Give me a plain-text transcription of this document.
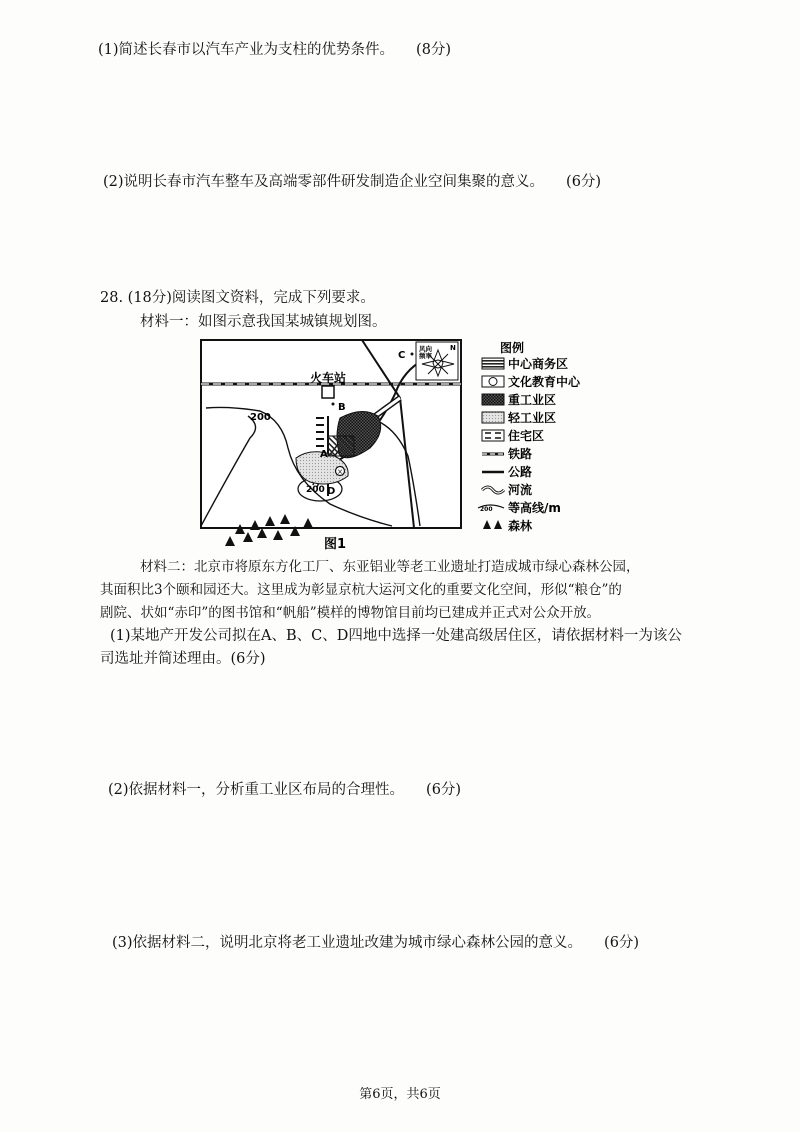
(1)简述长春市以汽车产业为支柱的优势条件。 (8分)
(2)说明长春市汽车整车及高端零部件研发制造企业空间集聚的意义。 (6分)
28. (18分)阅读图文资料，完成下列要求。
材料一：如图示意我国某城镇规划图。
×
火车站
B
A
C
D
200
200
风向频率
N
图1
图例
中心商务区
文化教育中心
重工业区
轻工业区
住宅区
铁路
公路
河流
200 等高线/m
森林
材料二：北京市将原东方化工厂、东亚铝业等老工业遗址打造成城市绿心森林公园，
其面积比3个颐和园还大。这里成为彰显京杭大运河文化的重要文化空间，形似“粮仓”的
剧院、状如“赤印”的图书馆和“帆船”模样的博物馆目前均已建成并正式对公众开放。
(1)某地产开发公司拟在A、B、C、D四地中选择一处建高级居住区，请依据材料一为该公
司选址并简述理由。(6分)
(2)依据材料一，分析重工业区布局的合理性。 (6分)
(3)依据材料二，说明北京将老工业遗址改建为城市绿心森林公园的意义。 (6分)
第6页，共6页
